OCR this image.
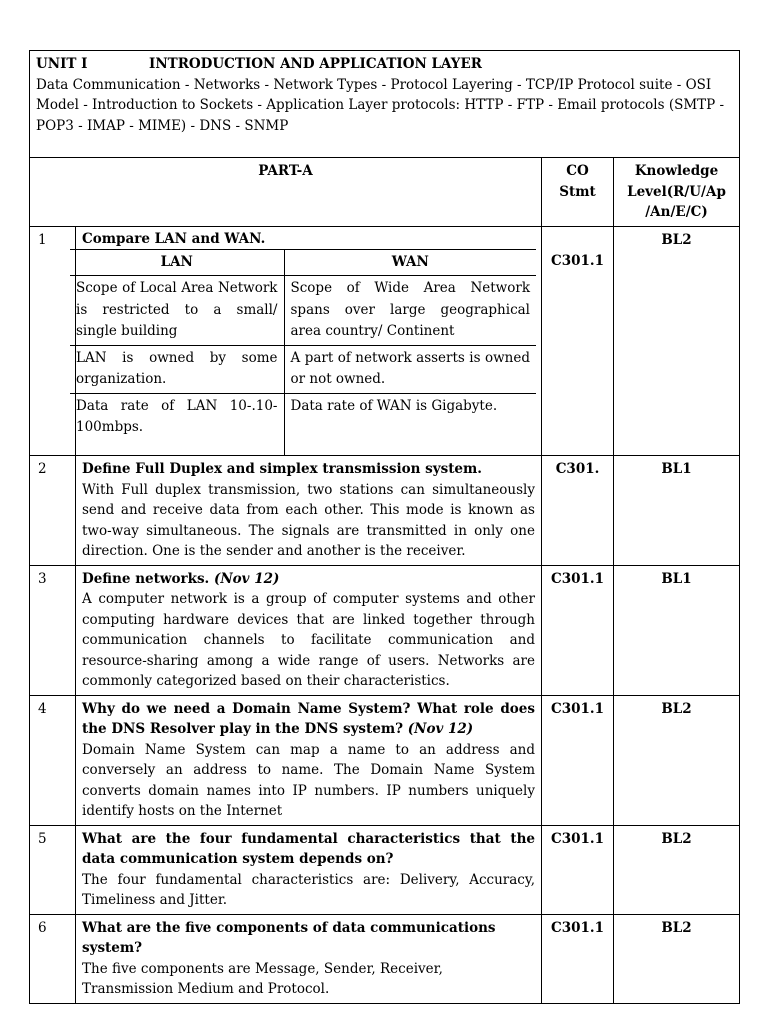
UNIT I	INTRODUCTION AND APPLICATION LAYER
Data Communication - Networks - Network Types - Protocol Layering - TCP/IP Protocol suite - OSI Model - Introduction to Sockets - Application Layer protocols: HTTP - FTP - Email protocols (SMTP - POP3 - IMAP - MIME) - DNS - SNMP

PART-A	CO Stmt	Knowledge Level(R/U/Ap /An/E/C)
1	Compare LAN and WAN.
LAN	WAN
Scope of Local Area Network is restricted to a small/ single building	Scope of Wide Area Network spans over large geographical area country/ Continent
LAN is owned by some organization.	A part of network asserts is owned or not owned.
Data rate of LAN 10-.10-100mbps.	Data rate of WAN is Gigabyte.
	C301.1	BL2
2	Define Full Duplex and simplex transmission system.
With Full duplex transmission, two stations can simultaneously send and receive data from each other. This mode is known as two-way simultaneous. The signals are transmitted in only one direction. One is the sender and another is the receiver.
	C301.	BL1
3	Define networks. (Nov 12)
A computer network is a group of computer systems and other computing hardware devices that are linked together through communication channels to facilitate communication and resource-sharing among a wide range of users. Networks are commonly categorized based on their characteristics.
	C301.1	BL1
4	Why do we need a Domain Name System? What role does the DNS Resolver play in the DNS system? (Nov 12)
Domain Name System can map a name to an address and conversely an address to name. The Domain Name System converts domain names into IP numbers. IP numbers uniquely identify hosts on the Internet
	C301.1	BL2
5	What are the four fundamental characteristics that the data communication system depends on?
The four fundamental characteristics are: Delivery, Accuracy, Timeliness and Jitter.
	C301.1	BL2
6	What are the five components of data communications system?
The five components are Message, Sender, Receiver, Transmission Medium and Protocol.
	C301.1	BL2
